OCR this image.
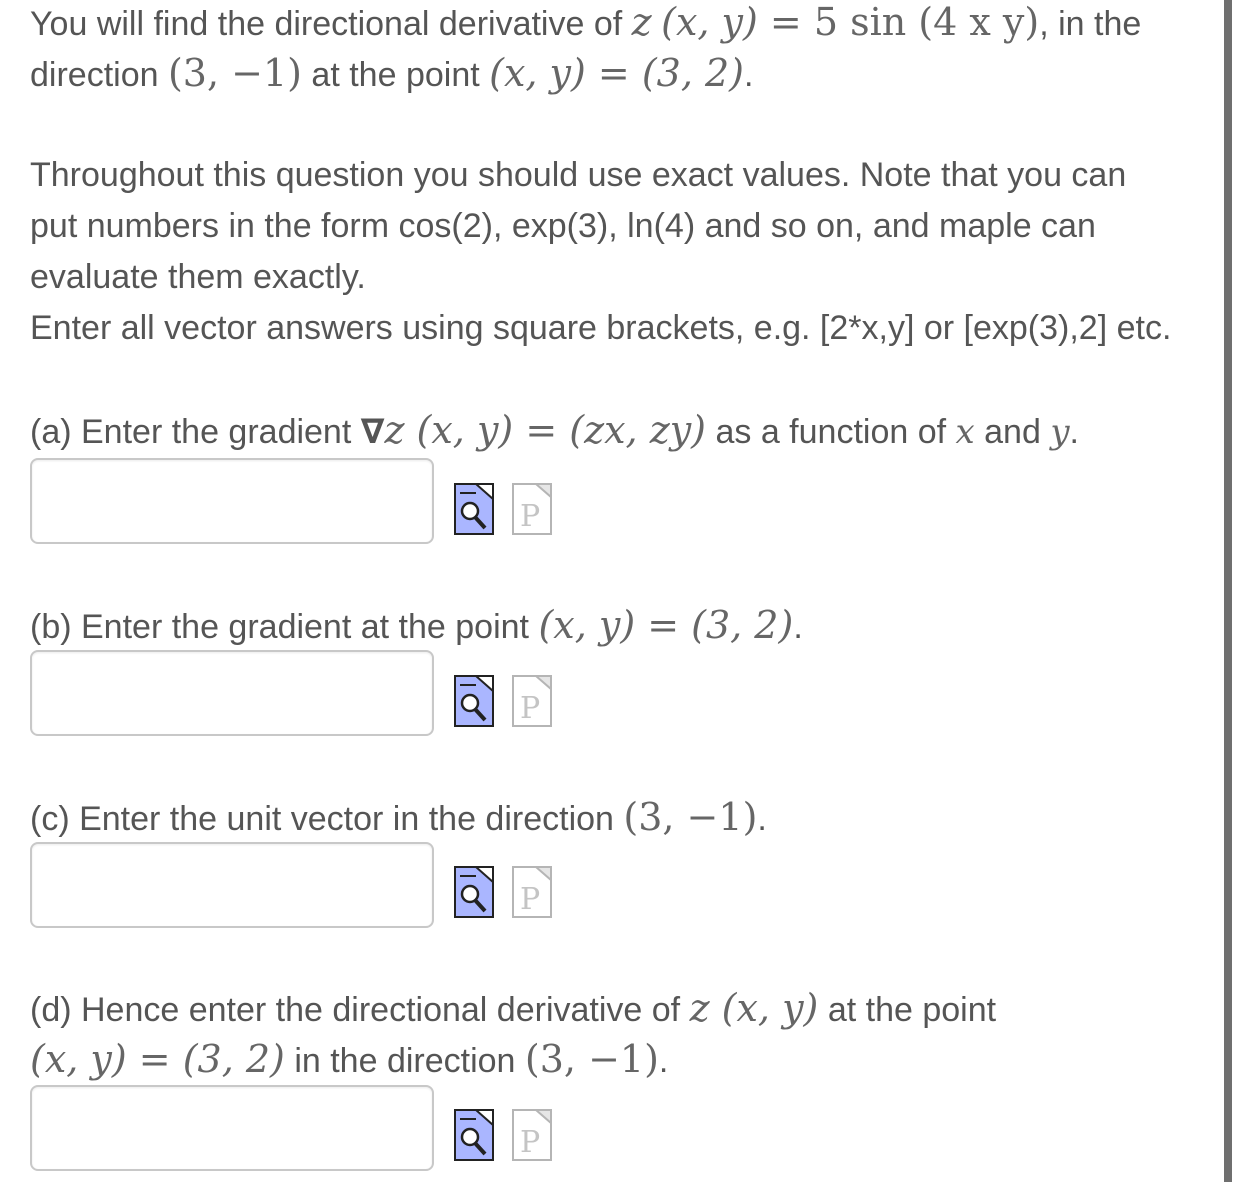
You will find the directional derivative of z (x, y) = 5 sin (4 x y), in the
direction (3, −1) at the point (x, y) = (3, 2).
Throughout this question you should use exact values. Note that you can
put numbers in the form cos(2), exp(3), ln(4) and so on, and maple can
evaluate them exactly.
Enter all vector answers using square brackets, e.g. [2*x,y] or [exp(3),2] etc.
(a) Enter the gradient ∇z (x, y) = (zx, zy) as a function of x and y.
P
(b) Enter the gradient at the point (x, y) = (3, 2).
P
(c) Enter the unit vector in the direction (3, −1).
P
(d) Hence enter the directional derivative of z (x, y) at the point
(x, y) = (3, 2) in the direction (3, −1).
P
